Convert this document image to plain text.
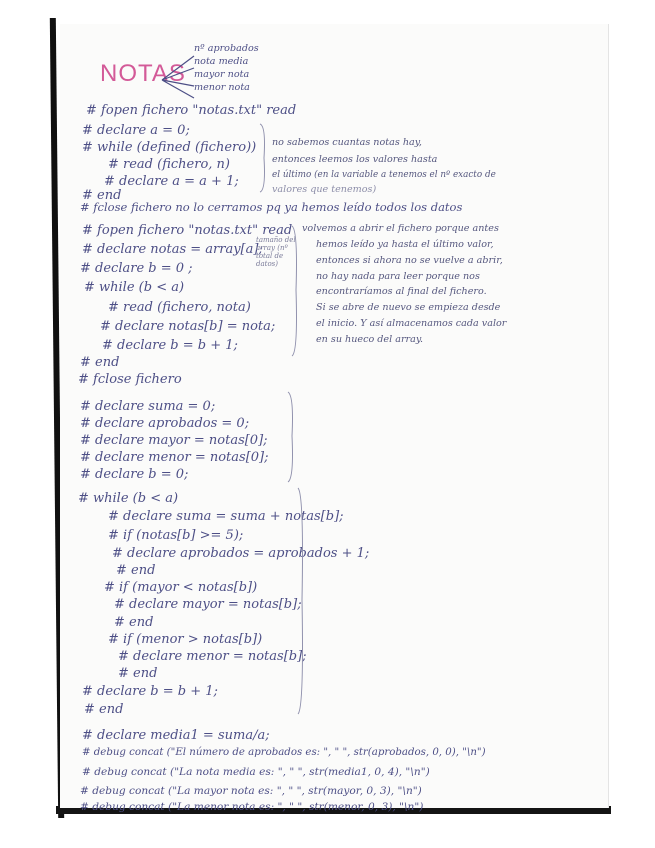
NOTAS
nº aprobados
nota media
mayor nota
menor nota
# fopen fichero "notas.txt" read
# declare a = 0;
# while (defined (fichero))
# read (fichero, n)
# declare a = a + 1;
# end
# fclose fichero no lo cerramos pq ya hemos leído todos los datos
no sabemos cuantas notas hay,
entonces leemos los valores hasta
el último (en la variable a tenemos el nº exacto de
valores que tenemos)
# fopen fichero "notas.txt" read
# declare notas = array[a];
# declare b = 0 ;
# while (b < a)
# read (fichero, nota)
# declare notas[b] = nota;
# declare b = b + 1;
# end
# fclose fichero
tamaño del array (nº total de datos)
volvemos a abrir el fichero porque antes
hemos leído ya hasta el último valor,
entonces si ahora no se vuelve a abrir,
no hay nada para leer porque nos
encontraríamos al final del fichero.
Si se abre de nuevo se empieza desde
el inicio. Y así almacenamos cada valor
en su hueco del array.
# declare suma = 0;
# declare aprobados = 0;
# declare mayor = notas[0];
# declare menor = notas[0];
# declare b = 0;
# while (b < a)
# declare suma = suma + notas[b];
# if (notas[b] >= 5);
# declare aprobados = aprobados + 1;
# end
# if (mayor < notas[b])
# declare mayor = notas[b];
# end
# if (menor > notas[b])
# declare menor = notas[b];
# end
# declare b = b + 1;
# end
# declare media1 = suma/a;
# debug concat ("El número de aprobados es: ", " ", str(aprobados, 0, 0), "\n")
# debug concat ("La nota media es: ", " ", str(media1, 0, 4), "\n")
# debug concat ("La mayor nota es: ", " ", str(mayor, 0, 3), "\n")
# debug concat ("La menor nota es: ", " ", str(menor, 0, 3), "\n")
